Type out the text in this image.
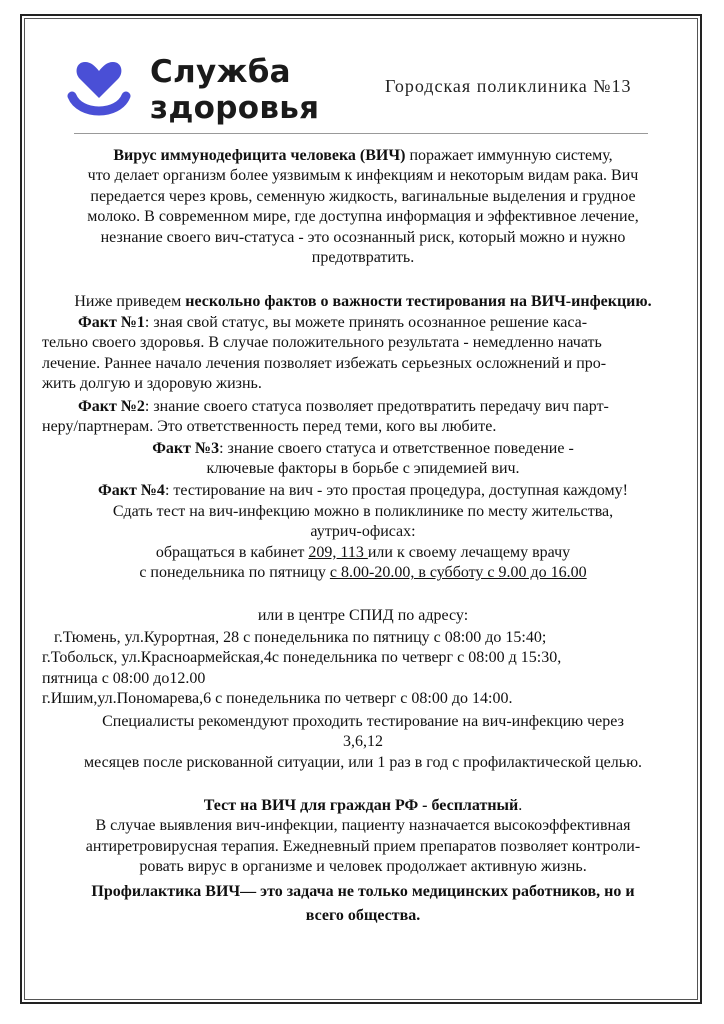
Служба
здоровья
Городская поликлиника №13
Вирус иммунодефицита человека (ВИЧ) поражает иммунную систему,
что делает организм более уязвимым к инфекциям и некоторым видам рака. Вич
передается через кровь, семенную жидкость, вагинальные выделения и грудное
молоко. В современном мире, где доступна информация и эффективное лечение,
незнание своего вич-статуса - это осознанный риск, который можно и нужно
предотвратить.
Ниже приведем нескольно фактов о важности тестирования на ВИЧ-инфекцию.
Факт №1: зная свой статус, вы можете принять осознанное решение каса-
тельно своего здоровья. В случае положительного результата - немедленно начать
лечение. Раннее начало лечения позволяет избежать серьезных осложнений и про-
жить долгую и здоровую жизнь.
Факт №2: знание своего статуса позволяет предотвратить передачу вич парт-
неру/партнерам. Это ответственность перед теми, кого вы любите.
Факт №3: знание своего статуса и ответственное поведение -
ключевые факторы в борьбе с эпидемией вич.
Факт №4: тестирование на вич - это простая процедура, доступная каждому!
Сдать тест на вич-инфекцию можно в поликлинике по месту жительства,
аутрич-офисах:
обращаться в кабинет 209, 113 или к своему лечащему врачу
с понедельника по пятницу с 8.00-20.00, в субботу с 9.00 до 16.00
или в центре СПИД по адресу:
г.Тюмень, ул.Курортная, 28 с понедельника по пятницу с 08:00 до 15:40;
г.Тобольск, ул.Красноармейская,4с понедельника по четверг с 08:00 д 15:30,
пятница с 08:00 до12.00
г.Ишим,ул.Пономарева,6 с понедельника по четверг с 08:00 до 14:00.
Специалисты рекомендуют проходить тестирование на вич-инфекцию через
3,6,12
месяцев после рискованной ситуации, или 1 раз в год с профилактической целью.
Тест на ВИЧ для граждан РФ - бесплатный.
В случае выявления вич-инфекции, пациенту назначается высокоэффективная
антиретровирусная терапия. Ежедневный прием препаратов позволяет контроли-
ровать вирус в организме и человек продолжает активную жизнь.
Профилактика ВИЧ— это задача не только медицинских работников, но и
всего общества.
